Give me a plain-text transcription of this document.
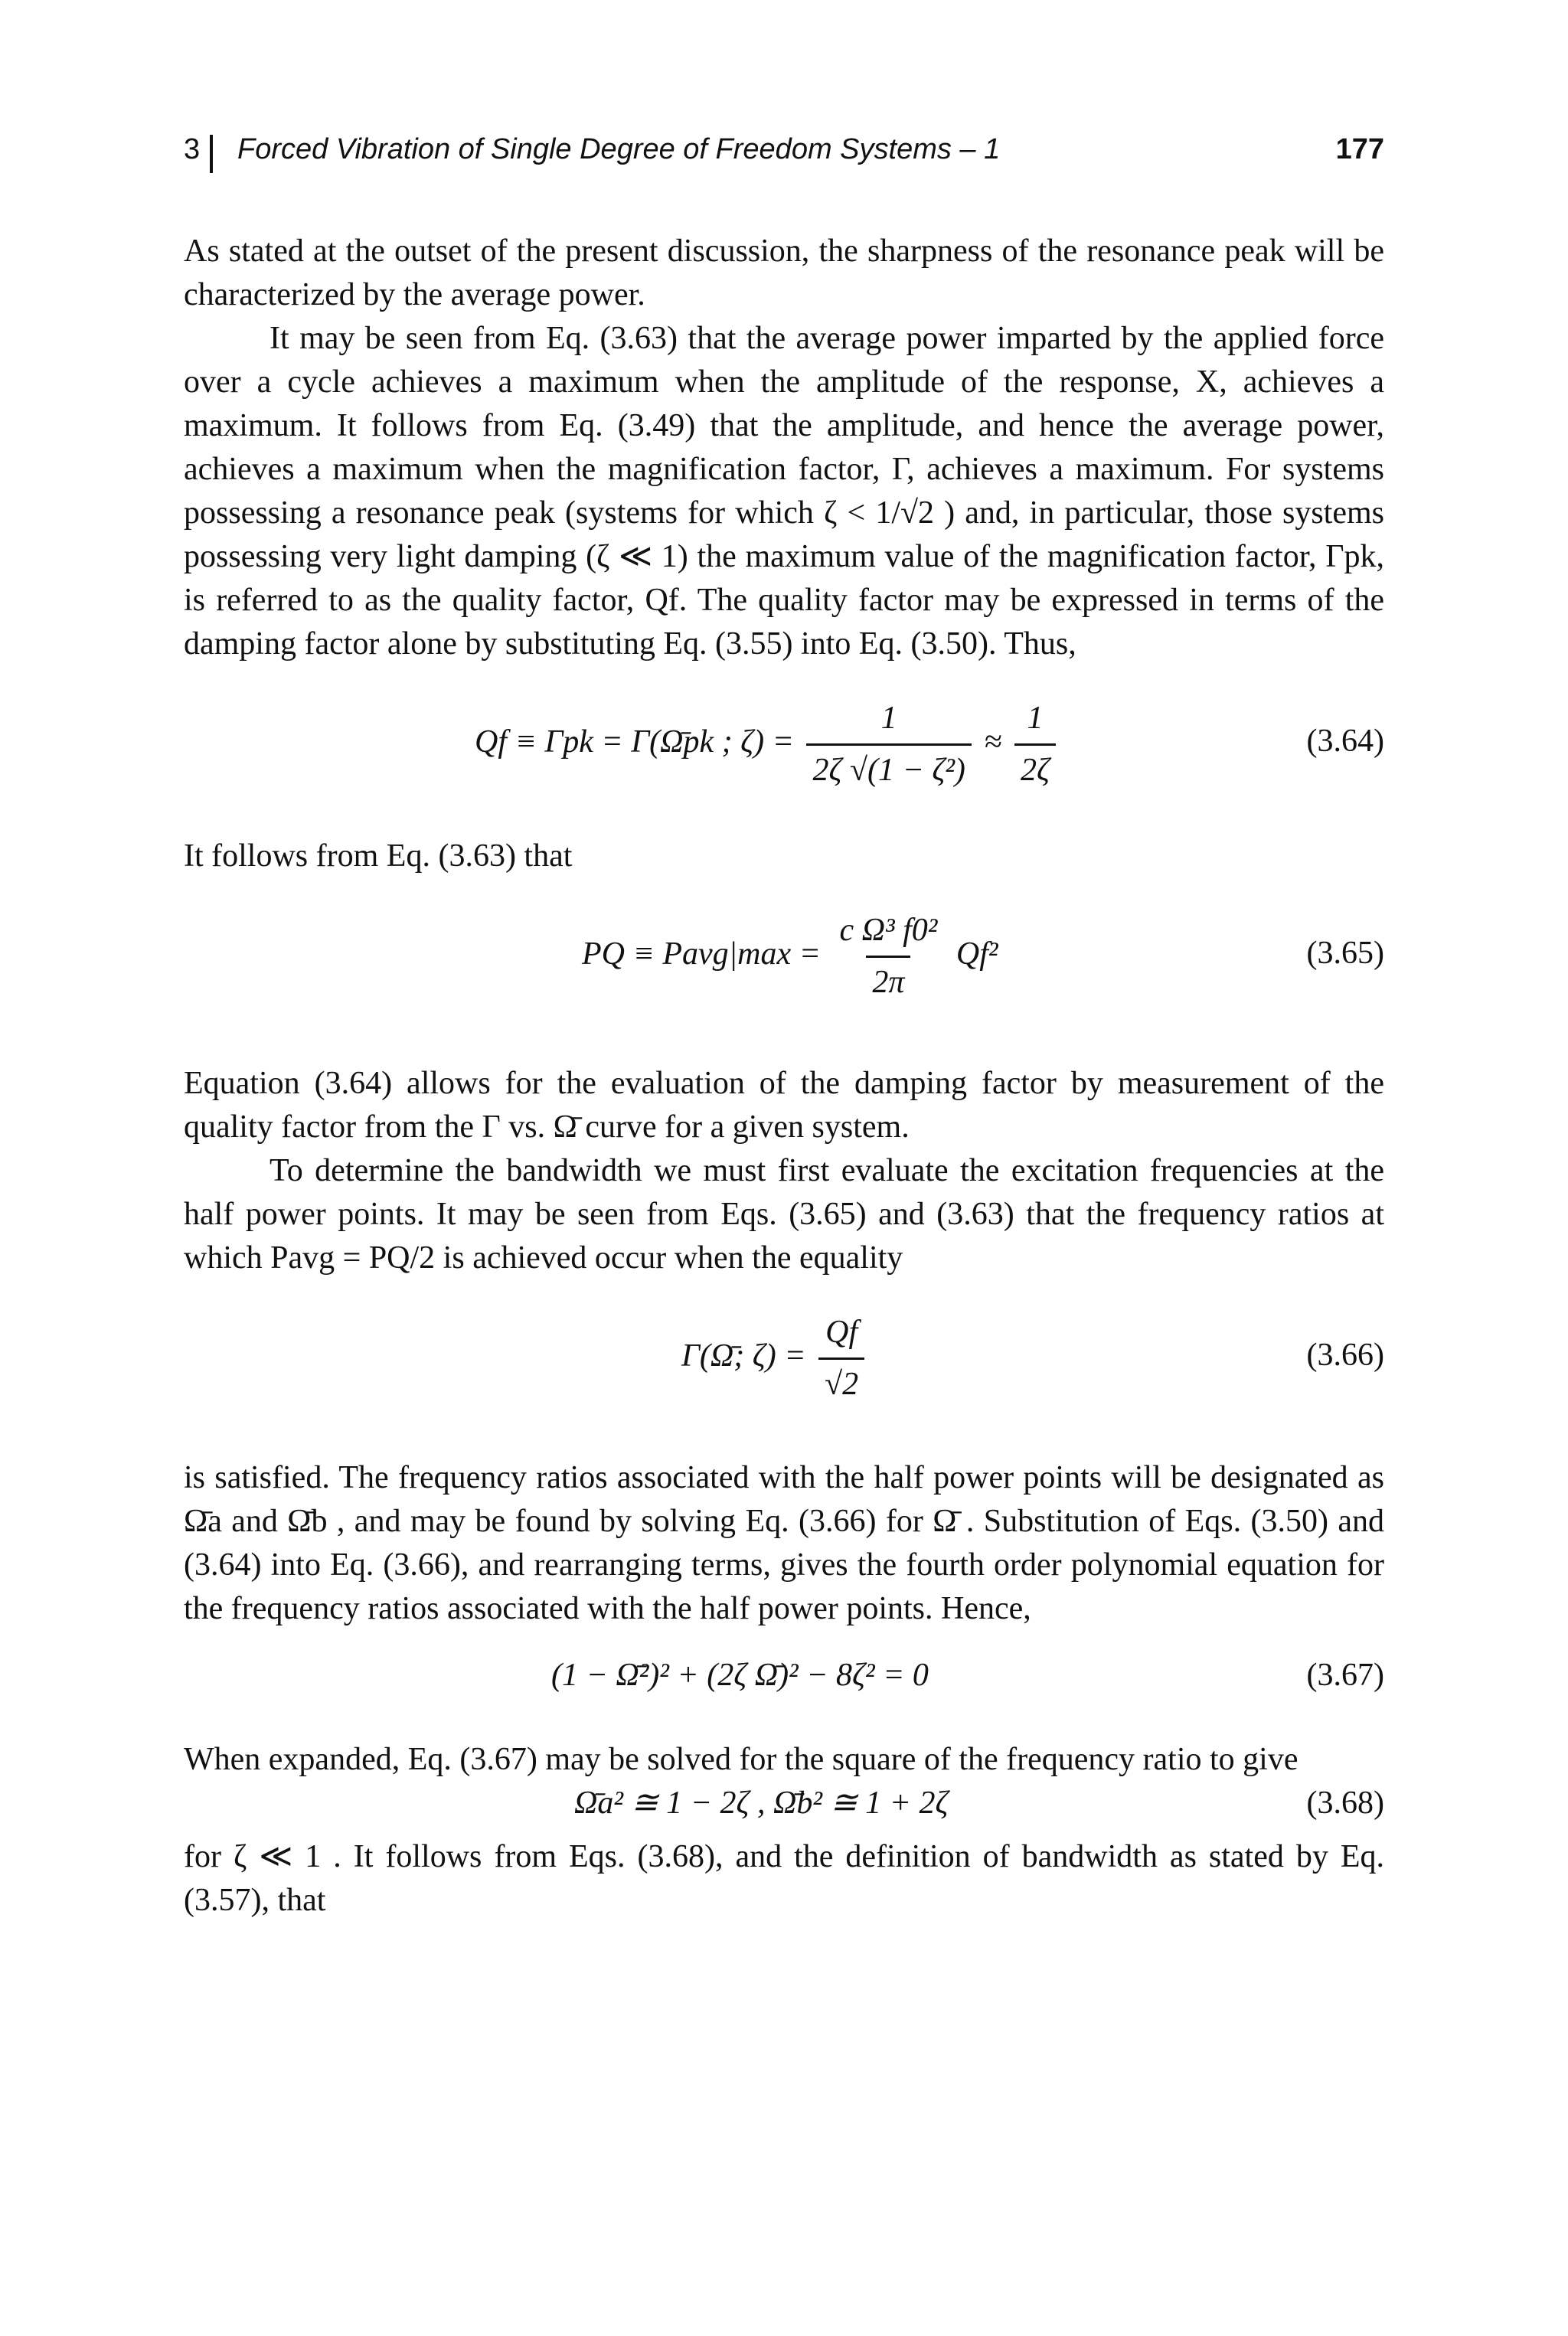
3 Forced Vibration of Single Degree of Freedom Systems – 1	177

As stated at the outset of the present discussion, the sharpness of the resonance peak will be characterized by the average power.

It may be seen from Eq. (3.63) that the average power imparted by the applied force over a cycle achieves a maximum when the amplitude of the response, X, achieves a maximum. It follows from Eq. (3.49) that the amplitude, and hence the average power, achieves a maximum when the magnification factor, Γ, achieves a maximum. For systems possessing a resonance peak (systems for which ζ < 1/√2 ) and, in particular, those systems possessing very light damping (ζ ≪ 1) the maximum value of the magnification factor, Γpk, is referred to as the quality factor, Qf. The quality factor may be expressed in terms of the damping factor alone by substituting Eq. (3.55) into Eq. (3.50). Thus,

Qf ≡ Γpk = Γ(Ω̄pk ; $\zeta) = \frac{1}{\text{2ζ √(1 − ζ²)}} \approx \frac{1}{2\zeta}$	(3.64)

It follows from Eq. (3.63) that

PQ ≡ Pavg|max = $\frac{\text{c Ω³ f0²}}{2\pi} Qf^2$	(3.65)

Equation (3.64) allows for the evaluation of the damping factor by measurement of the quality factor from the Γ vs. Ω̄ curve for a given system.

To determine the bandwidth we must first evaluate the excitation frequencies at the half power points. It may be seen from Eqs. (3.65) and (3.63) that the frequency ratios at which Pavg = PQ/2 is achieved occur when the equality

Γ(Ω̄; $\zeta) = \frac{Qf}{√2}$	(3.66)

is satisfied. The frequency ratios associated with the half power points will be designated as Ω̄a and Ω̄b , and may be found by solving Eq. (3.66) for Ω̄ . Substitution of Eqs. (3.50) and (3.64) into Eq. (3.66), and rearranging terms, gives the fourth order polynomial equation for the frequency ratios associated with the half power points. Hence,

(1 − Ω̄²)² + (2ζ Ω̄)² − 8ζ² = 0	(3.67)

When expanded, Eq. (3.67) may be solved for the square of the frequency ratio to give

Ω̄a² ≅ 1 − 2ζ , Ω̄b² ≅ 1 + 2ζ	(3.68)

for ζ ≪ 1 . It follows from Eqs. (3.68), and the definition of bandwidth as stated by Eq. (3.57), that
